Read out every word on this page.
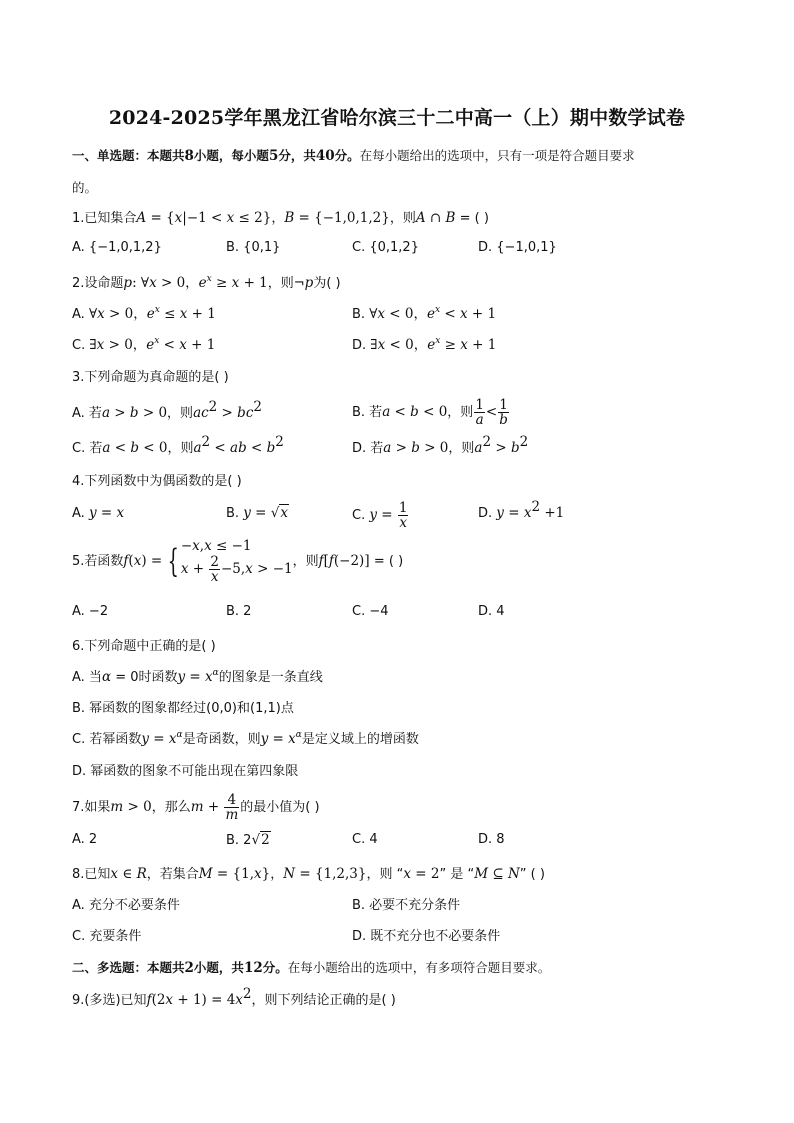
2024-2025学年黑龙江省哈尔滨三十二中高一（上）期中数学试卷
一、单选题：本题共8小题，每小题5分，共40分。在每小题给出的选项中，只有一项是符合题目要求
的。
1.已知集合A = {x|−1 < x ≤ 2}，B = {−1,0,1,2}，则A ∩ B = ( )
A. {−1,0,1,2}	B. {0,1}	C. {0,1,2}	D. {−1,0,1}
2.设命题p: ∀x > 0，$e^x \ge x + 1$，则¬p为( )
A. ∀x > 0，$e^x \le x + 1$	B. ∀x < 0，$e^x < x + 1$
C. ∃x > 0，$e^x < x + 1$	D. ∃x < 0，$e^x \ge x + 1$
3.下列命题为真命题的是( )
A. 若a > b > 0，则$ac^2 > bc^2$	B. 若a < b < 0，则 $\frac{1}{a} < \frac{1}{b}$
C. 若a < b < 0，则$a^2$ < ab < $b^2$	D. 若a > b > 0，则$a^2 > b^2$
4.下列函数中为偶函数的是( )
A. y = x	B. y = √x	C. $y = \frac{1}{x}$	D. $y = x^2 +1$
5.若函数f(x) = { −x,x ≤ −1
$x + \frac{2}{x} -5,x > -1$，则f[f(−2)] = ( )
A. −2	B. 2	C. −4	D. 4
6.下列命题中正确的是( )
A. 当α = 0时函数$y = x^\alpha$的图象是一条直线
B. 幂函数的图象都经过(0,0)和(1,1)点
C. 若幂函数$y = x^\alpha$是奇函数，则$y = x^\alpha$是定义域上的增函数
D. 幂函数的图象不可能出现在第四象限
7.如果m > 0，那么$m + \frac{4}{m}$ 的最小值为( )
A. 2	B. 2√2	C. 4	D. 8
8.已知x ∈ R，若集合M = {1,x}，N = {1,2,3}，则 “x = 2” 是 “M ⊆ N” ( )
A. 充分不必要条件	B. 必要不充分条件
C. 充要条件	D. 既不充分也不必要条件
二、多选题：本题共2小题，共12分。在每小题给出的选项中，有多项符合题目要求。
9.(多选)已知$f(2x + 1) = 4x^2$，则下列结论正确的是( )
